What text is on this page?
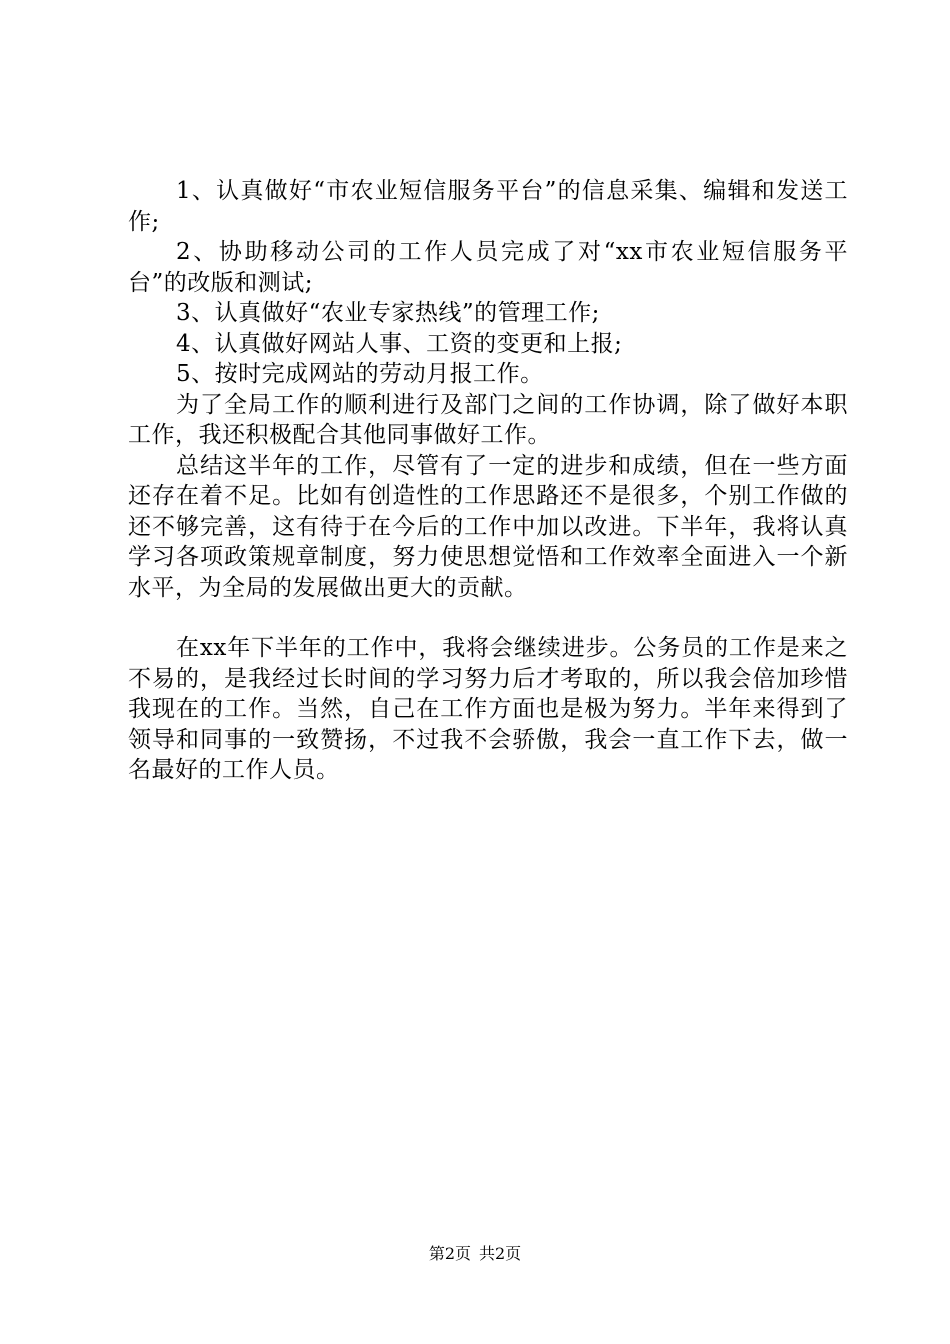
1、认真做好“市农业短信服务平台”的信息采集、编辑和发送工作;

2、协助移动公司的工作人员完成了对“xx市农业短信服务平台”的改版和测试;

3、认真做好“农业专家热线”的管理工作;

4、认真做好网站人事、工资的变更和上报;

5、按时完成网站的劳动月报工作。

为了全局工作的顺利进行及部门之间的工作协调，除了做好本职工作，我还积极配合其他同事做好工作。

总结这半年的工作，尽管有了一定的进步和成绩，但在一些方面还存在着不足。比如有创造性的工作思路还不是很多，个别工作做的还不够完善，这有待于在今后的工作中加以改进。下半年，我将认真学习各项政策规章制度，努力使思想觉悟和工作效率全面进入一个新水平，为全局的发展做出更大的贡献。

在xx年下半年的工作中，我将会继续进步。公务员的工作是来之不易的，是我经过长时间的学习努力后才考取的，所以我会倍加珍惜我现在的工作。当然，自己在工作方面也是极为努力。半年来得到了领导和同事的一致赞扬，不过我不会骄傲，我会一直工作下去，做一名最好的工作人员。

第2页 共2页
